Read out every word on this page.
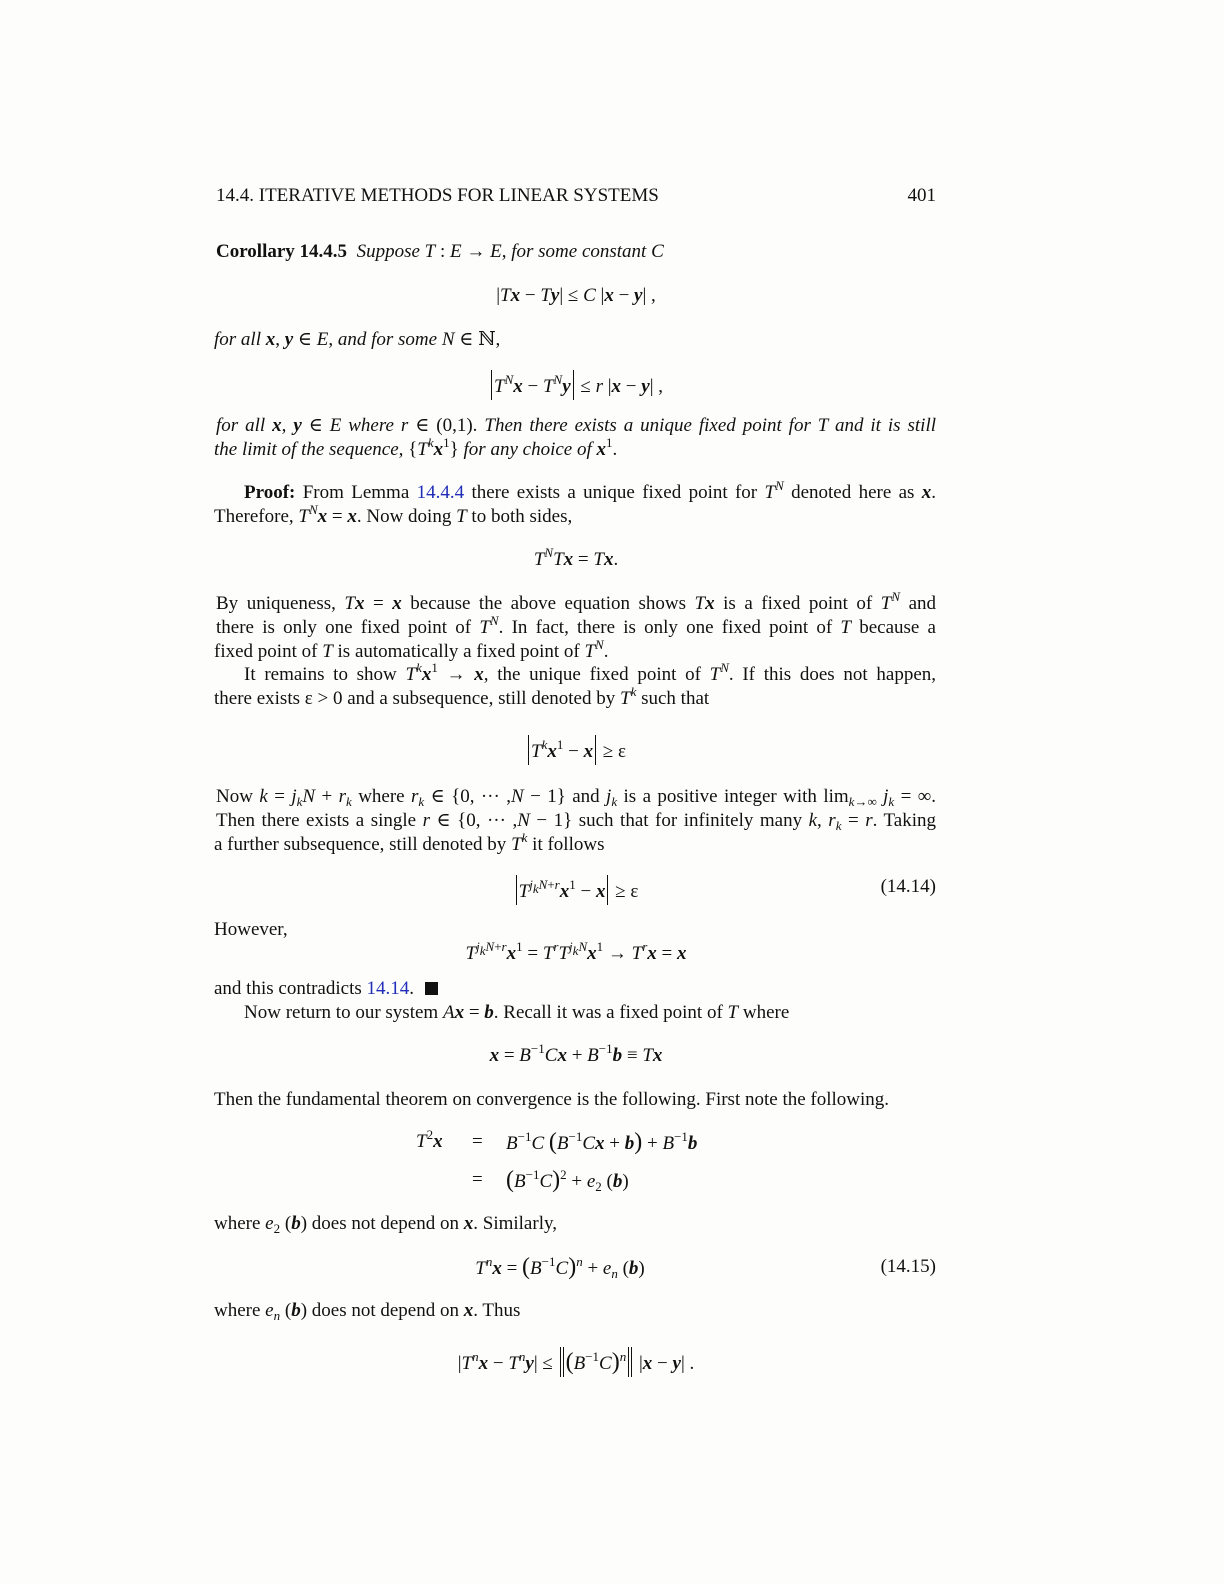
14.4. ITERATIVE METHODS FOR LINEAR SYSTEMS	401
Corollary 14.4.5 Suppose T : E → E, for some constant C
|Tx − Ty| ≤ C |x − y| ,
for all x, y ∈ E, and for some N ∈ ℕ,
$T^Nx - T^Ny \le r$ |x − y| ,
for all x, y ∈ E where r ∈ (0,1). Then there exists a unique fixed point for T and it is still
the limit of the sequence, $\{T^kx^1\}$ for any choice of $x^1$.
Proof: From Lemma 14.4.4 there exists a unique fixed point for $T^N$ denoted here as x.
Therefore, $T^Nx = x$. Now doing T to both sides,
$T^NTx = Tx$.
By uniqueness, Tx = x because the above equation shows Tx is a fixed point of $T^N$ and
there is only one fixed point of $T^N$. In fact, there is only one fixed point of T because a
fixed point of T is automatically a fixed point of $T^N$.
It remains to show $T^kx^1 \to x$, the unique fixed point of $T^N$. If this does not happen,
there exists ε > 0 and a subsequence, still denoted by $T^k$ such that
$T^kx^1 - x \ge \varepsilon$
Now $k = j_kN + r_k$ where $r_k$ ∈ {0, ··· ,N − 1} and $j_k$ is a positive integer with $\lim_{k\to\infty} j_k$ = ∞.
Then there exists a single r ∈ {0, ··· ,N − 1} such that for infinitely many k, $r_k = r$. Taking
a further subsequence, still denoted by $T^k$ it follows
$T^{j_kN+r}x^1 - x \ge \varepsilon$	(14.14)
However,
$T^{j_kN+r}x^1 = T^rT^{j_kN}x^1 \to T^rx = x$
and this contradicts 14.14.
Now return to our system Ax = b. Recall it was a fixed point of T where
$x = B^{-1}Cx + B^{-1}b \equiv Tx$
Then the fundamental theorem on convergence is the following. First note the following.
$T^2x = B^{-1}C$ $(B^{-1}Cx + b) + B^{-1}b$
= $(B^{-1}C)^2 + e_2$ (b)
where $e_2$ (b) does not depend on x. Similarly,
$T^nx = (B^{-1}C)^n + e_n$ (b)	(14.15)
where $e_n$ (b) does not depend on x. Thus
$|T^nx - T^ny| \le (B^{-1}C)^n$ |x − y| .
